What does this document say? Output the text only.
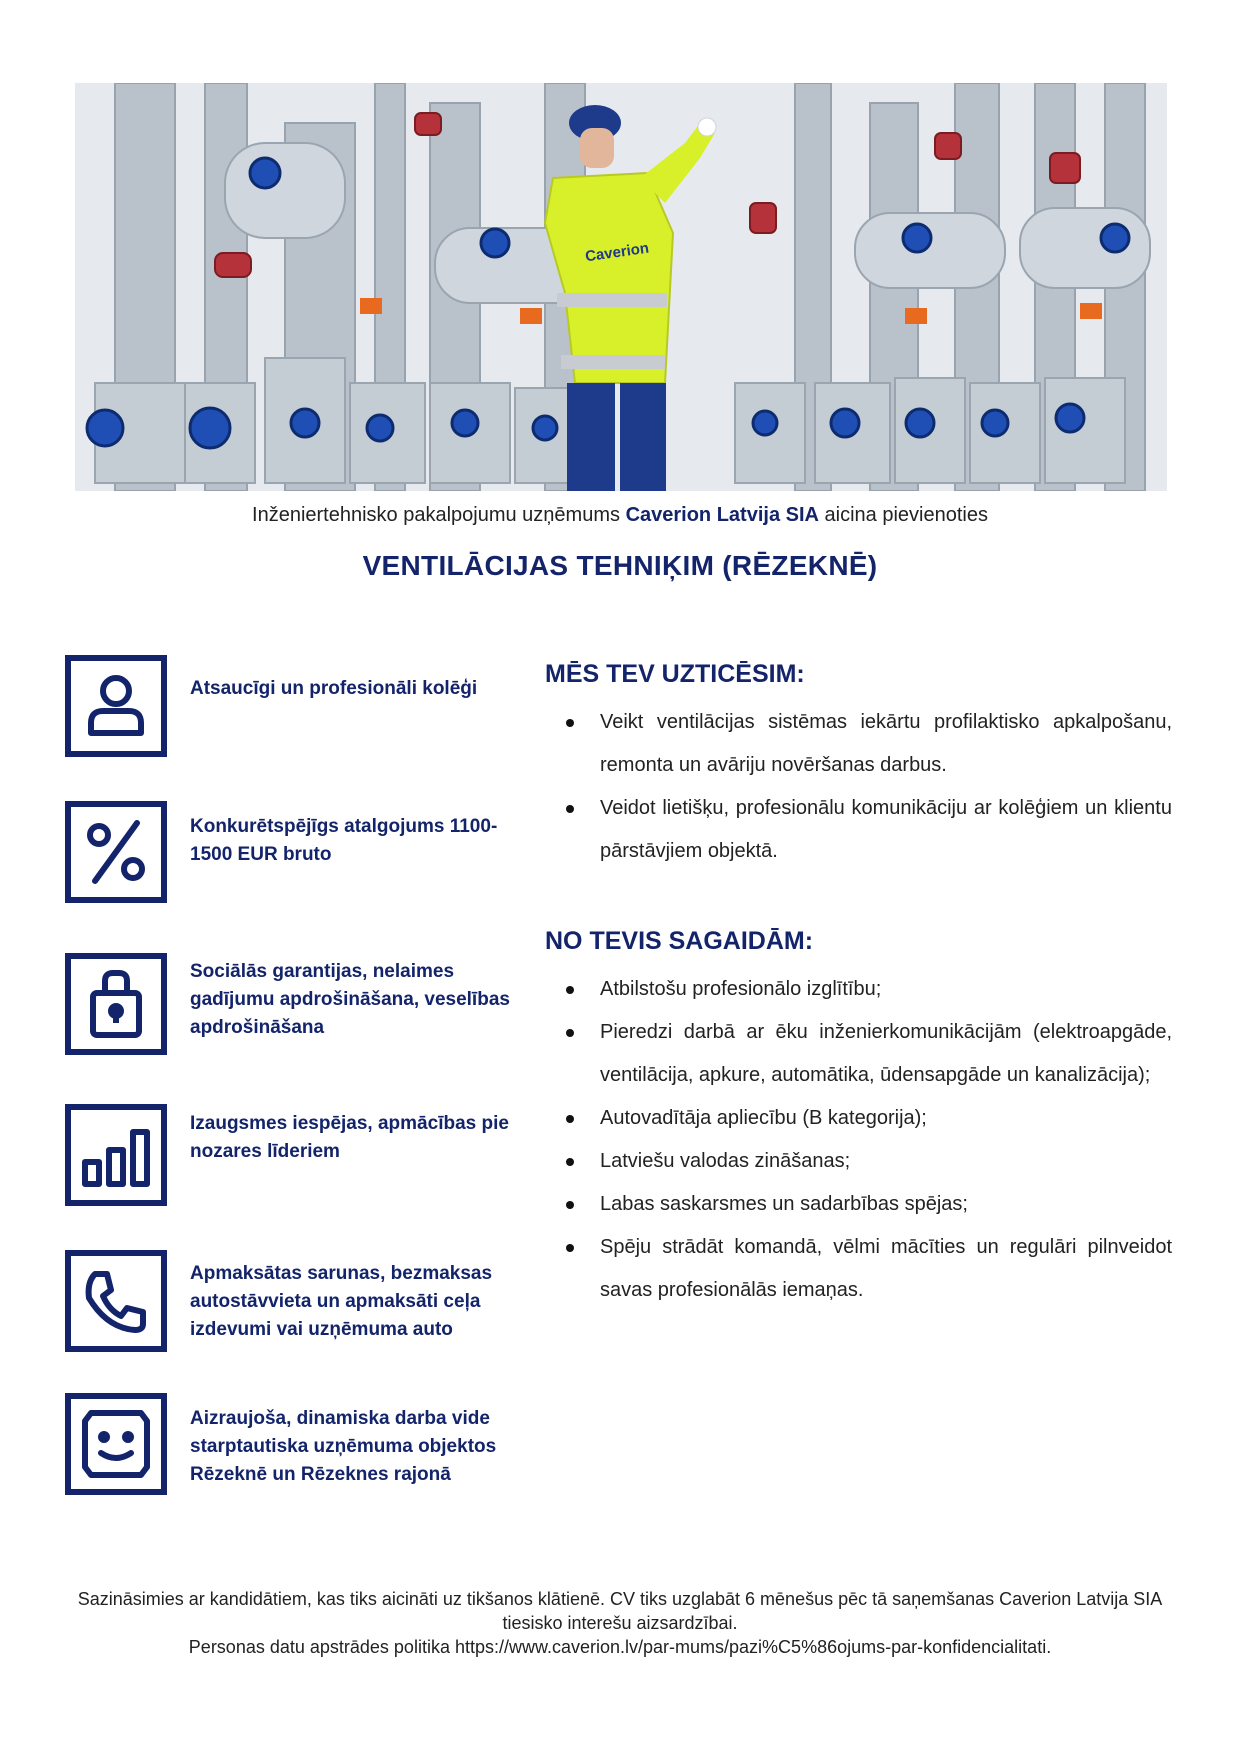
Caverion
Inženiertehnisko pakalpojumu uzņēmums Caverion Latvija SIA aicina pievienoties
VENTILĀCIJAS TEHNIĶIM (RĒZEKNĒ)
Atsaucīgi un profesionāli kolēģi
Konkurētspējīgs atalgojums 1100-1500 EUR bruto
Sociālās garantijas, nelaimes gadījumu apdrošināšana, veselības apdrošināšana
Izaugsmes iespējas, apmācības pie nozares līderiem
Apmaksātas sarunas, bezmaksas autostāvvieta un apmaksāti ceļa izdevumi vai uzņēmuma auto
Aizraujoša, dinamiska darba vide starptautiska uzņēmuma objektos Rēzeknē un Rēzeknes rajonā
MĒS TEV UZTICĒSIM:
Veikt ventilācijas sistēmas iekārtu profilaktisko apkalpošanu, remonta un avāriju novēršanas darbus.
Veidot lietišķu, profesionālu komunikāciju ar kolēģiem un klientu pārstāvjiem objektā.
NO TEVIS SAGAIDĀM:
Atbilstošu profesionālo izglītību;
Pieredzi darbā ar ēku inženierkomunikācijām (elektroapgāde, ventilācija, apkure, automātika, ūdensapgāde un kanalizācija);
Autovadītāja apliecību (B kategorija);
Latviešu valodas zināšanas;
Labas saskarsmes un sadarbības spējas;
Spēju strādāt komandā, vēlmi mācīties un regulāri pilnveidot savas profesionālās iemaņas.
Sazināsimies ar kandidātiem, kas tiks aicināti uz tikšanos klātienē. CV tiks uzglabāt 6 mēnešus pēc tā saņemšanas Caverion Latvija SIA tiesisko interešu aizsardzībai.
Personas datu apstrādes politika https://www.caverion.lv/par-mums/pazi%C5%86ojums-par-konfidencialitati.
